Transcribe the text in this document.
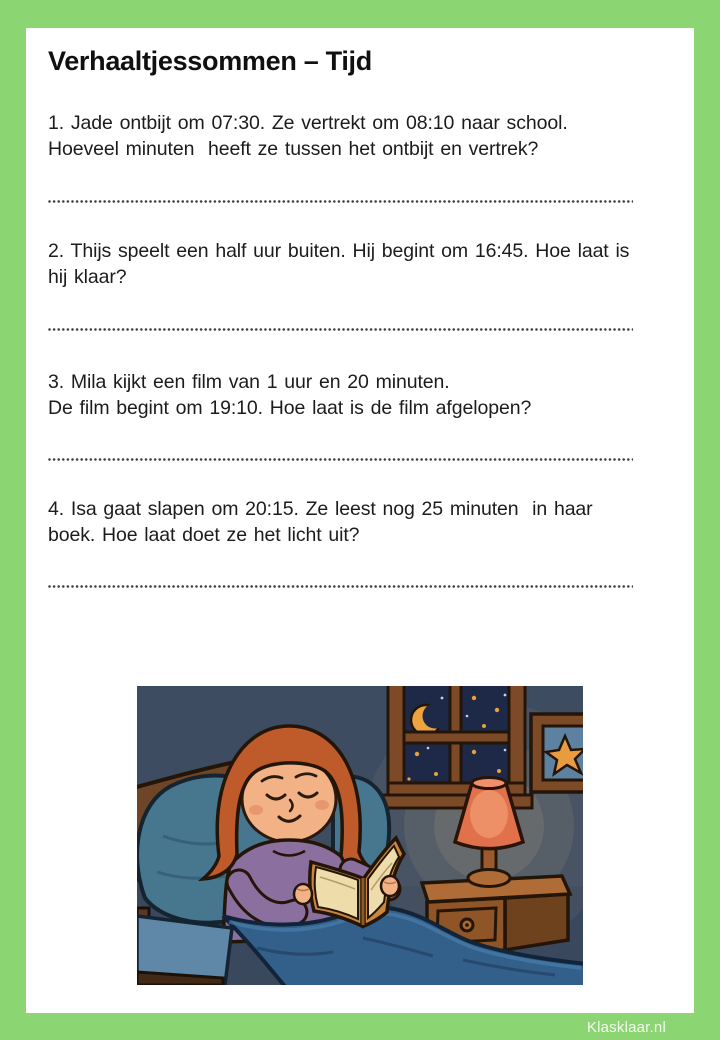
Verhaaltjessommen – Tijd
1. Jade ontbijt om 07:30. Ze vertrekt om 08:10 naar school.
Hoeveel minuten  heeft ze tussen het ontbijt en vertrek?
2. Thijs speelt een half uur buiten. Hij begint om 16:45. Hoe laat is
hij klaar?
3. Mila kijkt een film van 1 uur en 20 minuten.
De film begint om 19:10. Hoe laat is de film afgelopen?
4. Isa gaat slapen om 20:15. Ze leest nog 25 minuten  in haar
boek. Hoe laat doet ze het licht uit?
Klasklaar.nl
